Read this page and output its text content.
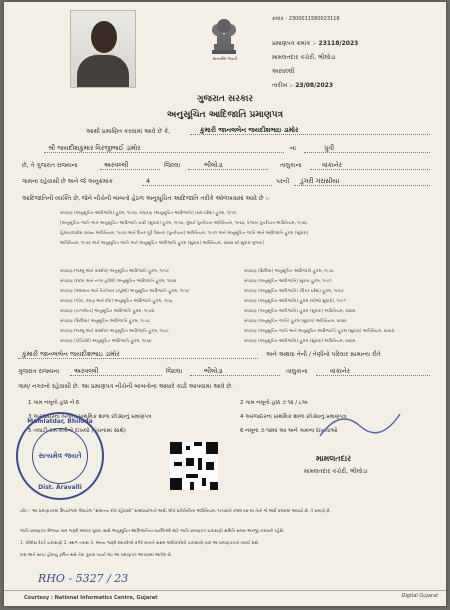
સત્યમેવ જયતે
ક્રમાંક : 2300011580023118
પ્રમાણપત્ર ક્રમાંક :- 23118/2023
મામલતદાર કચેરી, ભીલોડા
અરવલ્લી
તારીખ :- 23/08/2023
ગુજરાત સરકાર
અનુસૂચિત આદિજાતિ પ્રમાણપત્ર
આથી પ્રમાણિત કરવામાં આવે છે કે,	કુમારી જાનલબેન જયદીશભાઇ ડામોર
શ્રી જયદીશકુમાર વિરજીભાઈ ડામોર	ના	પુત્રી
છે, તે ગુજરાત રાજ્યના	અરવલ્લી	જિલ્લા	ભીલોડા	તાલુકાના	વાંકાનેર
ગામના રહેવાસી છે અને જે અનુક્રમાંક	4	પરની ડુંગરી ગરાસીયા
આદિજાતિની વ્યક્તિ છે, જેને નીચેની બાબતો હેઠળ અનુસૂચિત આદિજાતિ તરીકે ઓળખવામાં આવે છે :-
બંધારણ (અનુસૂચિત આદિજાતિ) હુકમ, ૧૯૫૦, બંધારણ (અનુસૂચિત આદિજાતિ) (સંઘ પ્રદેશ) હુકમ, ૧૯૫૧,
[અનુસૂચિત જાતિ અને અનુસૂચિત આદિજાતિ યાદી (સુધારા) હુકમ, ૧૯૫૬, મુંબઈ પુનર્રચના અધિનિયમ, ૧૯૬૦, પંજાબ પુનર્રચના અધિનિયમ, ૧૯૬૬,
હિમાચલપ્રદેશ રાજ્ય અધિનિયમ, ૧૯૭૦ અને ઉત્તર-પૂર્વ વિસ્તાર (પુનર્રચના) અધિનિયમ, ૧૯૭૧ અને અનુસૂચિત જાતિ અને આદિજાતિ હુકમ (સુધારા)
અધિનિયમ, ૧૯૭૬ અને અનુસૂચિત જાતિ અને અનુસૂચિત આદિજાતિ હુકમ (સુધારા) અધિનિયમ, ૨૦૦૨ થી સુધારા મુજબ]
બંધારણ (જમ્મુ અને કાશ્મીર) અનુસૂચિત આદિજાતિ હુકમ, ૧૯૫૯
બંધારણ (દાદરા અને નગર હવેલી) અનુસૂચિત આદિજાતિ હુકમ, ૧૯૬૨
બંધારણ (અંદમાન અને નિકોબાર ટાપુઓ) અનુસૂચિત આદિજાતિ હુકમ, ૧૯૫૯
બંધારણ (ગોવા, દમણ અને દીવ) અનુસૂચિત આદિજાતિ હુકમ, ૧૯૬૮
બંધારણ (નાગાલેન્ડ) અનુસૂચિત આદિજાતિ હુકમ, ૧૯૭૦
બંધારણ (સિક્કિમ) અનુસૂચિત આદિજાતિ હુકમ, ૧૯૭૮
બંધારણ (જમ્મુ અને કાશ્મીર) અનુસૂચિત આદિજાતિ હુકમ, ૧૯૮૯
બંધારણ (પોંડિચેરી) અનુસૂચિત આદિજાતિ હુકમ, ૧૯૬૪
બંધારણ (સિક્કિમ) અનુસૂચિત આદિજાતિ હુકમ, ૧૯૭૮
બંધારણ (અનુસૂચિત આદિજાતિ) સુધારા હુકમ, ૧૯૯૧
બંધારણ (અનુસૂચિત આદિજાતિ) (ઉત્તર પ્રદેશ) હુકમ, ૧૯૬૭
બંધારણ (અનુસૂચિત આદિજાતિ) હુકમ (બીજો સુધારો), ૧૯૯૧
બંધારણ (અનુસૂચિત આદિજાતિ) હુકમ (સુધારા) અધિનિયમ, ૨૦૦૨
બંધારણ (અનુસૂચિત જાતિ) હુકમ (સુધારા) અધિનિયમ, ૨૦૦૨
બંધારણ (અનુસૂચિત જાતિ અને અનુસૂચિત આદિજાતિ) હુકમ (સુધારા) અધિનિયમ, ૨૦૦૩
બંધારણ (અનુસૂચિત આદિજાતિ) હુકમ (સુધારા) અધિનિયમ, ૨૦૦૨
કુમારી જાનલબેન જયદીશભાઇ ડામોર	અને અથવા તેની / તેણીનો પરિવાર સામાન્ય રીતે
ગુજરાત રાજ્યના અરવલ્લી	જિલ્લા	ભીલોડા	તાલુકાના	વાંકાનેર
ગામ/ નગરનો રહેવાસી છે. આ પ્રમાણપત્ર નીચેની બાબતોના આધારે કાઢી આપવામાં આવે છે.
1 ગામ નમૂનો હક્ક ને 6	2 ગામ નમૂનો હક્ક ૭ ૧૨ / ૮અ
3 અરજદારના પિતાના પ્રાથમિક શાળા છોડ્યાનું પ્રમાણપત્ર	4 અરજદારના પ્રાથમિક શાળા છોડ્યાનું પ્રમાણપત્ર
5 તલાટી-કમ-મંત્રીનો દાખલો (પંચનામાં સાથે)	6 નમૂના ૭-૧૨માં આ અને ગામના દાખલાઓ
Mamlatdar, Bhiloda
સત્યમેવ જયતે
Dist. Aravalli
મામલતદાર
મામલતદાર કચેરી, ભીલોડા
નોંધ :- આ પ્રમાણપત્રમાં ઉપયોગમાં લેવાયેલ "સામાન્ય રીતે રહેવાસી" શબ્દપ્રયોગનો અર્થ, લોક પ્રતિનિધિત્વ અધિનિયમ, ૧૯૫૦ની કલમ ૨૦-માં તેનો જે અર્થ કરવામાં આવ્યો છે, તે પ્રમાણે છે.
જાતિ પ્રમાણપત્ર મેળવ્યા બાદ જરૂરી આધાર પુરાવા સાથે અનુસૂચિત આદિજાતિના વ્યક્તિઓ માટે જાતિ પ્રમાણપત્ર ચકાસણી સમિતિ સમક્ષ અરજી કરવાની રહેશે.
1. પોલીસ રેકર્ડ ચકાસણી 2. સ્થળ તપાસ 3. અન્ય જરૂરી દસ્તાવેજો વગેરે બાબતે સક્ષમ અધિકારીની ચકાસણી બાદ આ પ્રમાણપત્રની ખરાઈ થશે.
ખરા અને સાચા હોવાનું ફલિત થશે તેવા પુરાવા ધ્યાને લઇ આ પ્રમાણપત્ર આપવામાં આવેલ છે.
RHO - 5327 / 23
Courtesy : National Informatics Centre, Gujarat	Digital Gujarat
